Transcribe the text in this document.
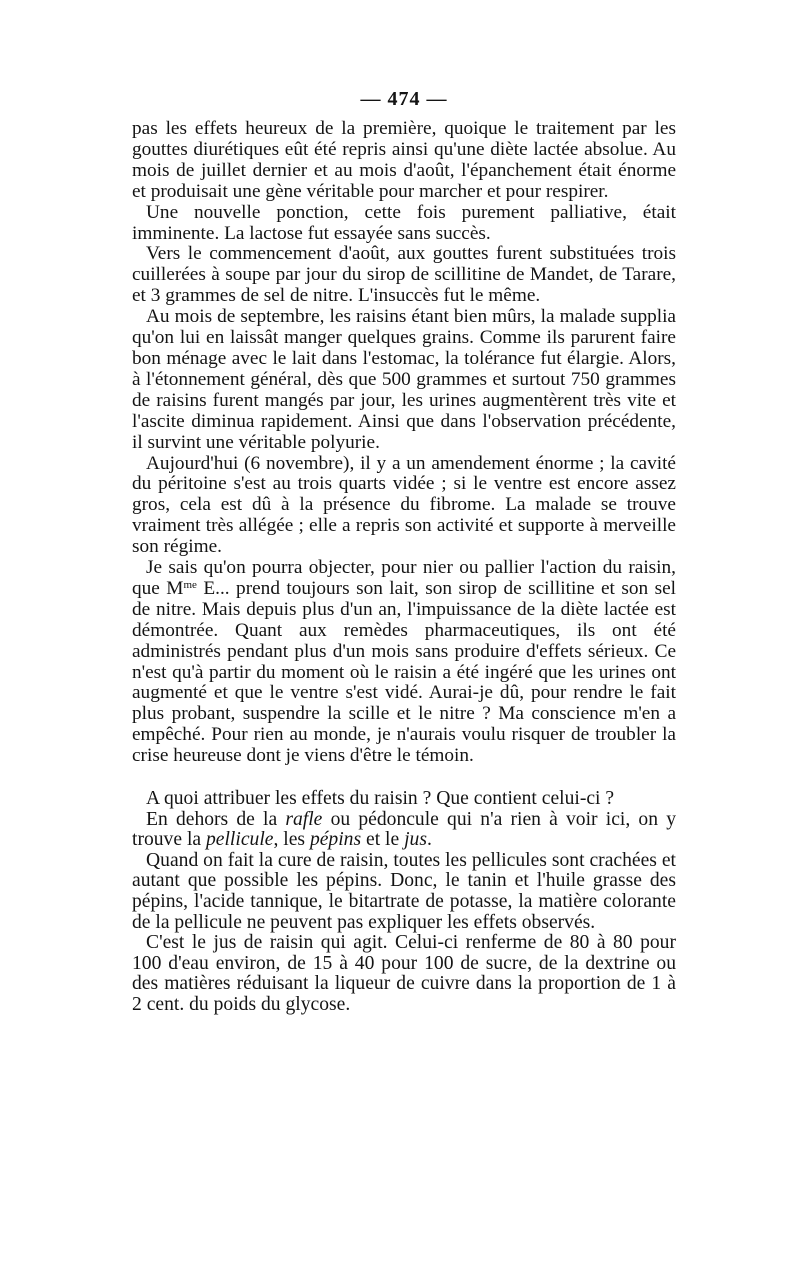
— 474 —

pas les effets heureux de la première, quoique le traitement par les gouttes diurétiques eût été repris ainsi qu'une diète lactée absolue. Au mois de juillet dernier et au mois d'août, l'épanchement était énorme et produisait une gène véritable pour marcher et pour respirer.

Une nouvelle ponction, cette fois purement palliative, était imminente. La lactose fut essayée sans succès.

Vers le commencement d'août, aux gouttes furent substituées trois cuillerées à soupe par jour du sirop de scillitine de Mandet, de Tarare, et 3 grammes de sel de nitre. L'insuccès fut le même.

Au mois de septembre, les raisins étant bien mûrs, la malade supplia qu'on lui en laissât manger quelques grains. Comme ils parurent faire bon ménage avec le lait dans l'estomac, la tolérance fut élargie. Alors, à l'étonnement général, dès que 500 grammes et surtout 750 grammes de raisins furent mangés par jour, les urines augmentèrent très vite et l'ascite diminua rapidement. Ainsi que dans l'observation précédente, il survint une véritable polyurie.

Aujourd'hui (6 novembre), il y a un amendement énorme ; la cavité du péritoine s'est au trois quarts vidée ; si le ventre est encore assez gros, cela est dû à la présence du fibrome. La malade se trouve vraiment très allégée ; elle a repris son activité et supporte à merveille son régime.

Je sais qu'on pourra objecter, pour nier ou pallier l'action du raisin, que $M^{me}$ E... prend toujours son lait, son sirop de scillitine et son sel de nitre. Mais depuis plus d'un an, l'impuissance de la diète lactée est démontrée. Quant aux remèdes pharmaceutiques, ils ont été administrés pendant plus d'un mois sans produire d'effets sérieux. Ce n'est qu'à partir du moment où le raisin a été ingéré que les urines ont augmenté et que le ventre s'est vidé. Aurai-je dû, pour rendre le fait plus probant, suspendre la scille et le nitre ? Ma conscience m'en a empêché. Pour rien au monde, je n'aurais voulu risquer de troubler la crise heureuse dont je viens d'être le témoin.

A quoi attribuer les effets du raisin ? Que contient celui-ci ?

En dehors de la rafle ou pédoncule qui n'a rien à voir ici, on y trouve la pellicule, les pépins et le jus.

Quand on fait la cure de raisin, toutes les pellicules sont crachées et autant que possible les pépins. Donc, le tanin et l'huile grasse des pépins, l'acide tannique, le bitartrate de potasse, la matière colorante de la pellicule ne peuvent pas expliquer les effets observés.

C'est le jus de raisin qui agit. Celui-ci renferme de 80 à 80 pour 100 d'eau environ, de 15 à 40 pour 100 de sucre, de la dextrine ou des matières réduisant la liqueur de cuivre dans la proportion de 1 à 2 cent. du poids du glycose.
